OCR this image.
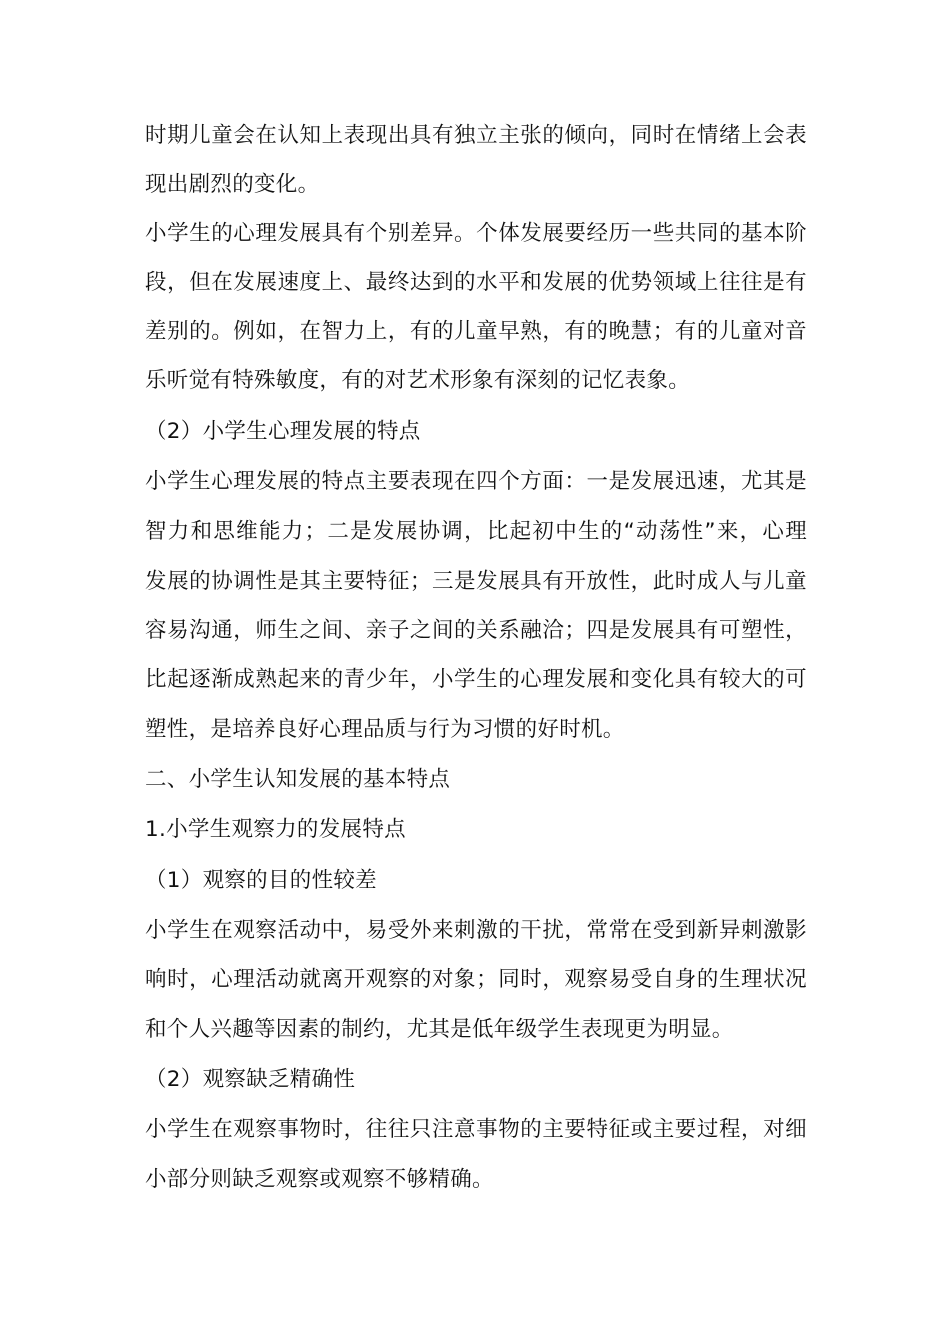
时期儿童会在认知上表现出具有独立主张的倾向，同时在情绪上会表
现出剧烈的变化。
小学生的心理发展具有个别差异。个体发展要经历一些共同的基本阶
段，但在发展速度上、最终达到的水平和发展的优势领域上往往是有
差别的。例如，在智力上，有的儿童早熟，有的晚慧；有的儿童对音
乐听觉有特殊敏度，有的对艺术形象有深刻的记忆表象。
（2）小学生心理发展的特点
小学生心理发展的特点主要表现在四个方面：一是发展迅速，尤其是
智力和思维能力；二是发展协调，比起初中生的“动荡性”来，心理
发展的协调性是其主要特征；三是发展具有开放性，此时成人与儿童
容易沟通，师生之间、亲子之间的关系融洽；四是发展具有可塑性，
比起逐渐成熟起来的青少年，小学生的心理发展和变化具有较大的可
塑性，是培养良好心理品质与行为习惯的好时机。
二、小学生认知发展的基本特点
1.小学生观察力的发展特点
（1）观察的目的性较差
小学生在观察活动中，易受外来刺激的干扰，常常在受到新异刺激影
响时，心理活动就离开观察的对象；同时，观察易受自身的生理状况
和个人兴趣等因素的制约，尤其是低年级学生表现更为明显。
（2）观察缺乏精确性
小学生在观察事物时，往往只注意事物的主要特征或主要过程，对细
小部分则缺乏观察或观察不够精确。
